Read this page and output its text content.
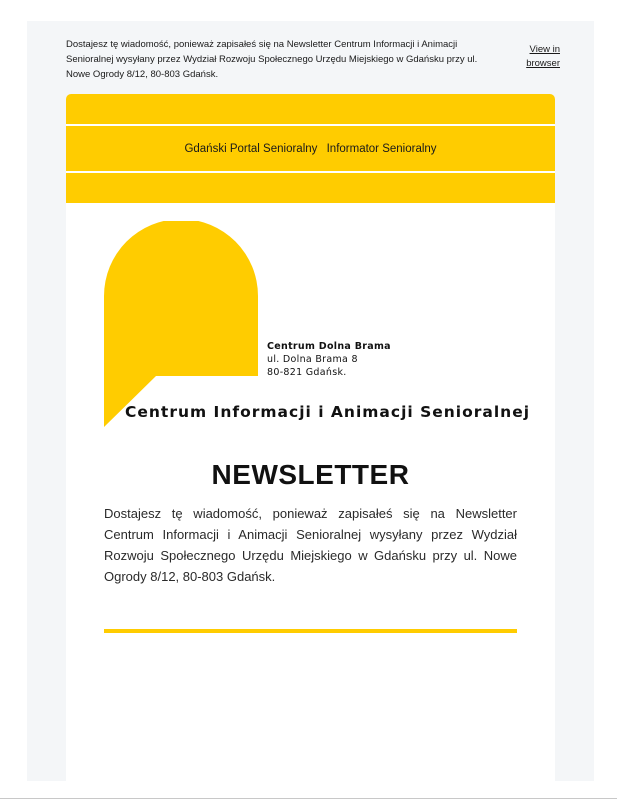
Dostajesz tę wiadomość, ponieważ zapisałeś się na Newsletter Centrum Informacji i Animacji Senioralnej wysyłany przez Wydział Rozwoju Społecznego Urzędu Miejskiego w Gdańsku przy ul. Nowe Ogrody 8/12, 80-803 Gdańsk.
View in browser
Gdański Portal Senioralny Informator Senioralny
Centrum Dolna Brama
ul. Dolna Brama 8
80-821 Gdańsk.
Centrum Informacji i Animacji Senioralnej
NEWSLETTER
Dostajesz tę wiadomość, ponieważ zapisałeś się na Newsletter Centrum Informacji i Animacji Senioralnej wysyłany przez Wydział Rozwoju Społecznego Urzędu Miejskiego w Gdańsku przy ul. Nowe Ogrody 8/12, 80-803 Gdańsk.
